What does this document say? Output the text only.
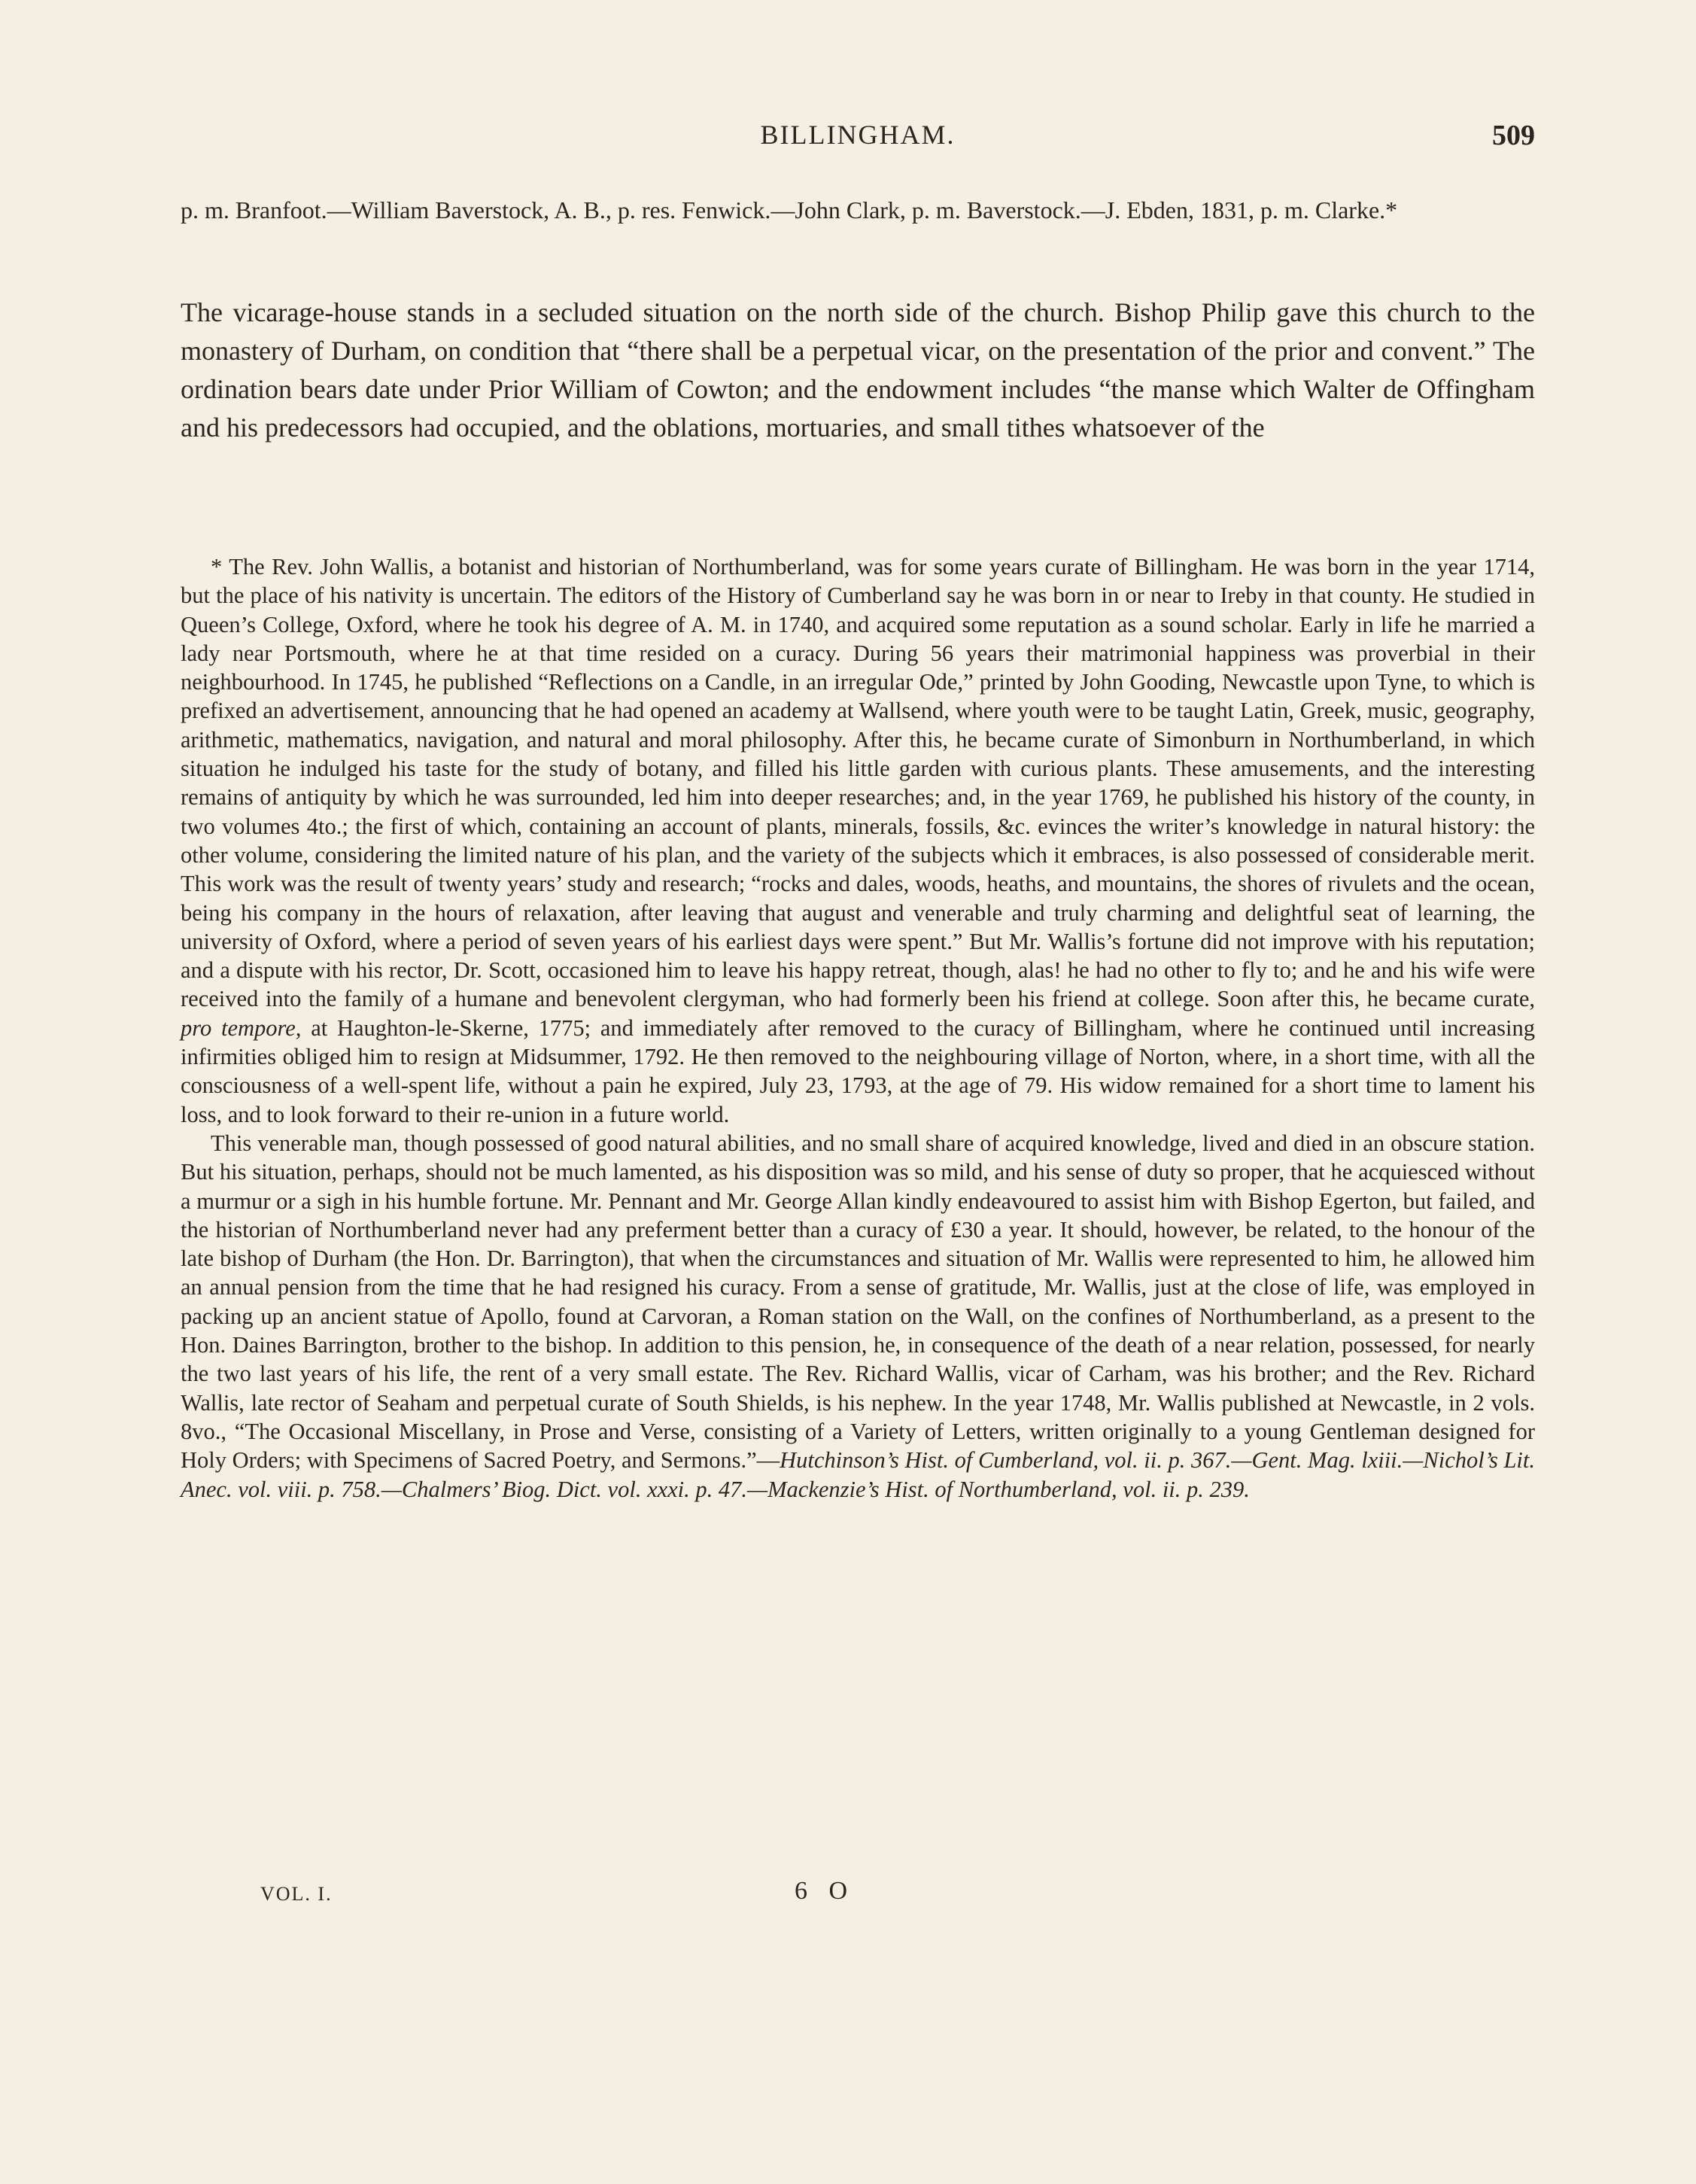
BILLINGHAM.	509

p. m. Branfoot.—William Baverstock, A. B., p. res. Fenwick.—John Clark, p. m. Baverstock.—J. Ebden, 1831, p. m. Clarke.*

The vicarage-house stands in a secluded situation on the north side of the church. Bishop Philip gave this church to the monastery of Durham, on condition that “there shall be a perpetual vicar, on the presentation of the prior and convent.” The ordination bears date under Prior William of Cowton; and the endowment includes “the manse which Walter de Offingham and his predecessors had occupied, and the oblations, mortuaries, and small tithes whatsoever of the

* The Rev. John Wallis, a botanist and historian of Northumberland, was for some years curate of Billingham. He was born in the year 1714, but the place of his nativity is uncertain. The editors of the History of Cumberland say he was born in or near to Ireby in that county. He studied in Queen’s College, Oxford, where he took his degree of A. M. in 1740, and acquired some reputation as a sound scholar. Early in life he married a lady near Portsmouth, where he at that time resided on a curacy. During 56 years their matrimonial happiness was proverbial in their neighbourhood. In 1745, he published “Reflections on a Candle, in an irregular Ode,” printed by John Gooding, Newcastle upon Tyne, to which is prefixed an advertisement, announcing that he had opened an academy at Wallsend, where youth were to be taught Latin, Greek, music, geography, arithmetic, mathematics, navigation, and natural and moral philosophy. After this, he became curate of Simonburn in Northumberland, in which situation he indulged his taste for the study of botany, and filled his little garden with curious plants. These amusements, and the interesting remains of antiquity by which he was surrounded, led him into deeper researches; and, in the year 1769, he published his history of the county, in two volumes 4to.; the first of which, containing an account of plants, minerals, fossils, &c. evinces the writer’s knowledge in natural history: the other volume, considering the limited nature of his plan, and the variety of the subjects which it embraces, is also possessed of considerable merit. This work was the result of twenty years’ study and research; “rocks and dales, woods, heaths, and mountains, the shores of rivulets and the ocean, being his company in the hours of relaxation, after leaving that august and venerable and truly charming and delightful seat of learning, the university of Oxford, where a period of seven years of his earliest days were spent.” But Mr. Wallis’s fortune did not improve with his reputation; and a dispute with his rector, Dr. Scott, occasioned him to leave his happy retreat, though, alas! he had no other to fly to; and he and his wife were received into the family of a humane and benevolent clergyman, who had formerly been his friend at college. Soon after this, he became curate, pro tempore, at Haughton-le-Skerne, 1775; and immediately after removed to the curacy of Billingham, where he continued until increasing infirmities obliged him to resign at Midsummer, 1792. He then removed to the neighbouring village of Norton, where, in a short time, with all the consciousness of a well-spent life, without a pain he expired, July 23, 1793, at the age of 79. His widow remained for a short time to lament his loss, and to look forward to their re-union in a future world.

This venerable man, though possessed of good natural abilities, and no small share of acquired knowledge, lived and died in an obscure station. But his situation, perhaps, should not be much lamented, as his disposition was so mild, and his sense of duty so proper, that he acquiesced without a murmur or a sigh in his humble fortune. Mr. Pennant and Mr. George Allan kindly endeavoured to assist him with Bishop Egerton, but failed, and the historian of Northumberland never had any preferment better than a curacy of £30 a year. It should, however, be related, to the honour of the late bishop of Durham (the Hon. Dr. Barrington), that when the circumstances and situation of Mr. Wallis were represented to him, he allowed him an annual pension from the time that he had resigned his curacy. From a sense of gratitude, Mr. Wallis, just at the close of life, was employed in packing up an ancient statue of Apollo, found at Carvoran, a Roman station on the Wall, on the confines of Northumberland, as a present to the Hon. Daines Barrington, brother to the bishop. In addition to this pension, he, in consequence of the death of a near relation, possessed, for nearly the two last years of his life, the rent of a very small estate. The Rev. Richard Wallis, vicar of Carham, was his brother; and the Rev. Richard Wallis, late rector of Seaham and perpetual curate of South Shields, is his nephew. In the year 1748, Mr. Wallis published at Newcastle, in 2 vols. 8vo., “The Occasional Miscellany, in Prose and Verse, consisting of a Variety of Letters, written originally to a young Gentleman designed for Holy Orders; with Specimens of Sacred Poetry, and Sermons.”—Hutchinson’s Hist. of Cumberland, vol. ii. p. 367.—Gent. Mag. lxiii.—Nichol’s Lit. Anec. vol. viii. p. 758.—Chalmers’ Biog. Dict. vol. xxxi. p. 47.—Mackenzie’s Hist. of Northumberland, vol. ii. p. 239.

VOL. I.	6 O
